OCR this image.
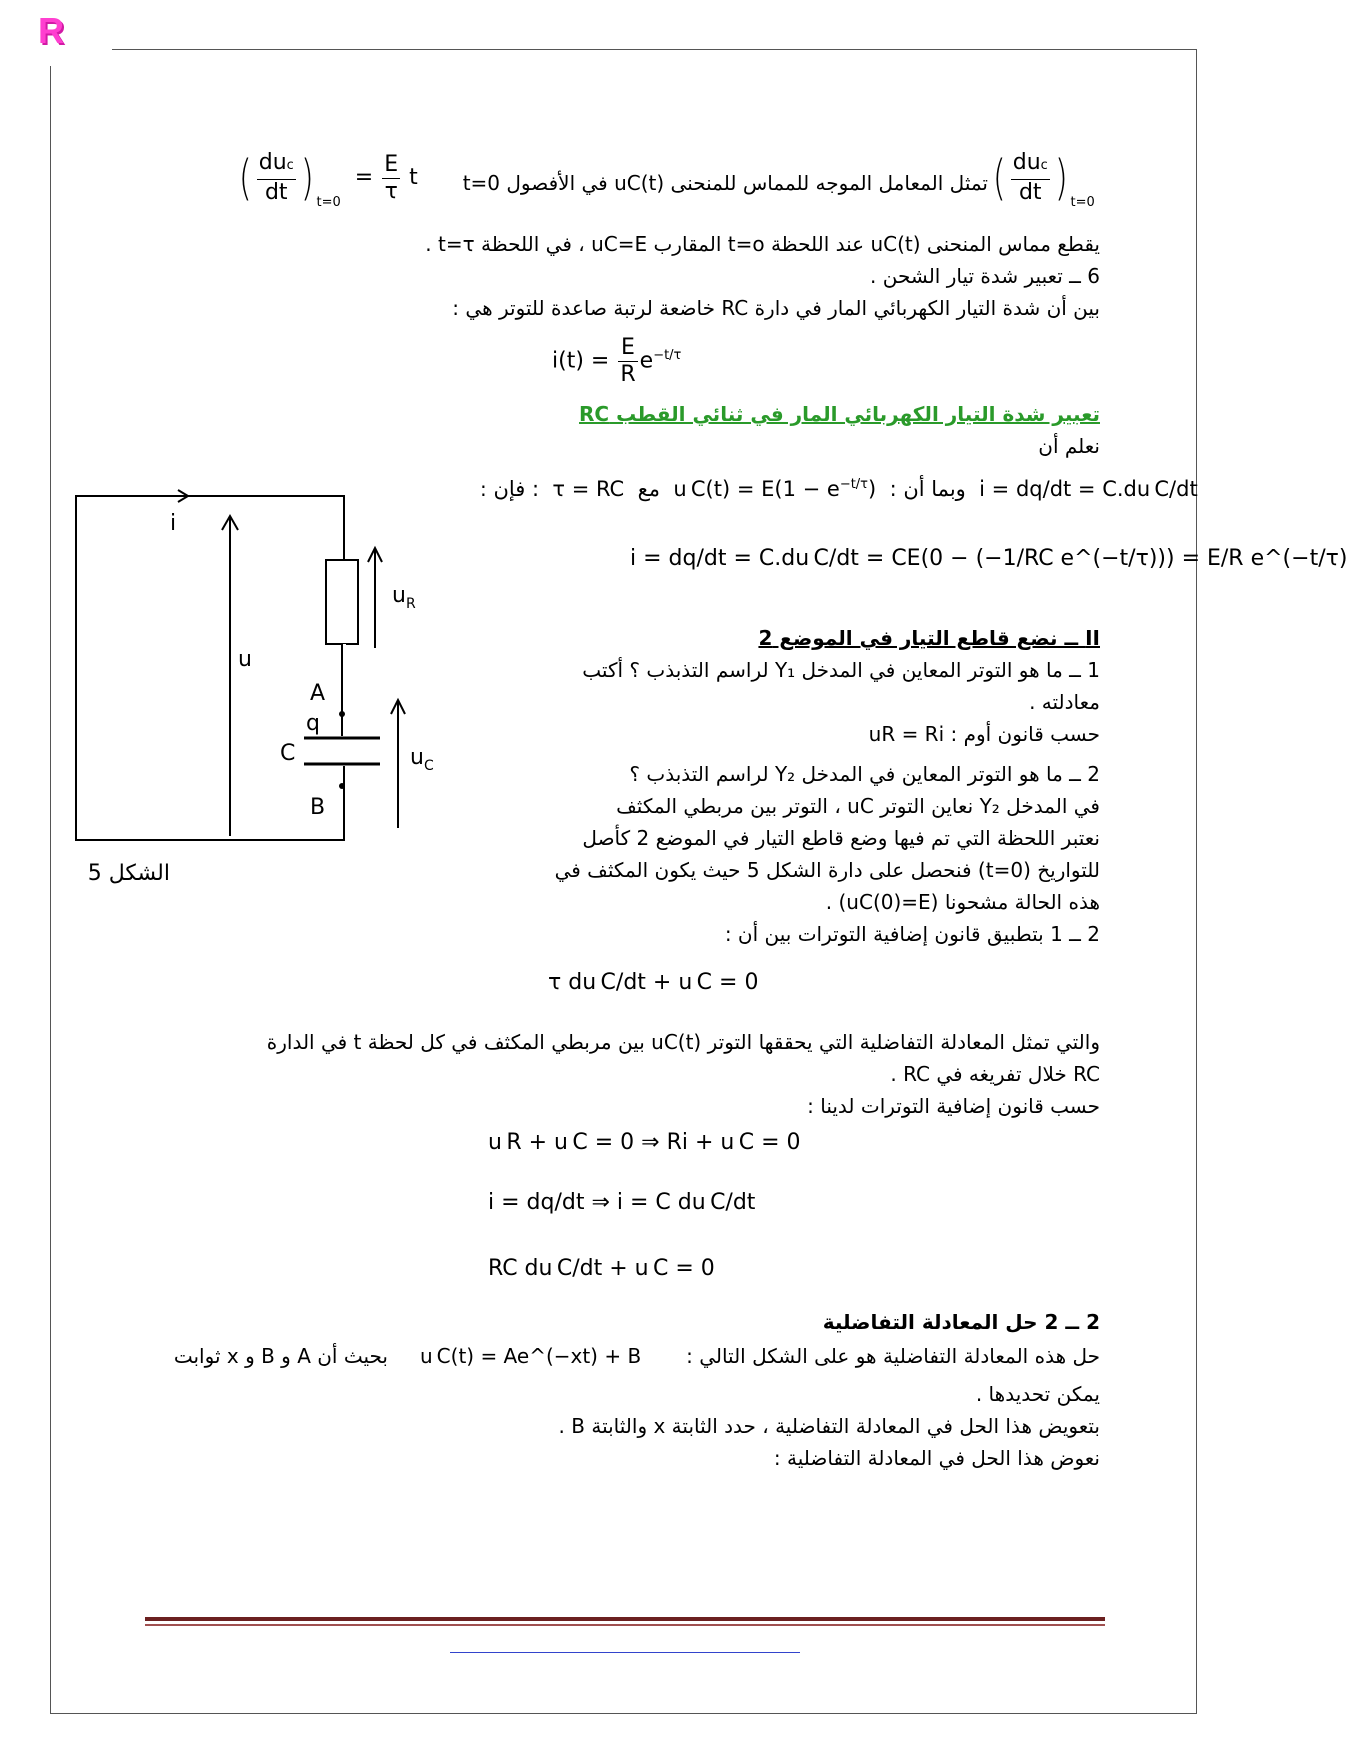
R
( $\frac{\text{duc}}{dt}$ ) $_{t=0} = \frac{E}{\tau}$ t تمثل المعامل الموجه للمماس للمنحنى u‎C(t) في الأفصول t=0 ( $\frac{\text{duc}}{dt}$ ) $_{t=0}$
يقطع مماس المنحنى u‎C(t) عند اللحظة t=o المقارب u‎C=E ، في اللحظة t=τ .
6 ــ تعبير شدة تيار الشحن .
بين أن شدة التيار الكهربائي المار في دارة RC خاضعة لرتبة صاعدة للتوتر هي :
$i(t) = \frac{E}{R} e^{-t/\tau}$
تعبير شدة التيار الكهربائي المار في ثنائي القطب RC
نعلم أن
: فإن : τ = RC مع u $C(t) = E(1 - e^{-t/\tau})$ : وبما أن i = dq/dt = C.du C/dt
i = dq/dt = C.du C/dt = CE(0 − (−1/RC e^(−t/τ))) = E/R e^(−t/τ)
i
u
$u_R$
A
q
C
B
$u_C$
الشكل 5
II ــ نضع قاطع التيار في الموضع 2
1 ــ ما هو التوتر المعاين في المدخل Y₁ لراسم التذبذب ؟ أكتب
معادلته .
حسب قانون أوم : u‎R = Ri
2 ــ ما هو التوتر المعاين في المدخل Y₂ لراسم التذبذب ؟
في المدخل Y₂ نعاين التوتر u‎C ، التوتر بين مربطي المكثف
نعتبر اللحظة التي تم فيها وضع قاطع التيار في الموضع 2 كأصل
للتواريخ (t=0) فنحصل على دارة الشكل 5 حيث يكون المكثف في
هذه الحالة مشحونا (u‎C(0)=E) .
2 ــ 1 بتطبيق قانون إضافية التوترات بين أن :
τ du C/dt + u C = 0
والتي تمثل المعادلة التفاضلية التي يحققها التوتر u‎C(t) بين مربطي المكثف في كل لحظة t في الدارة
RC خلال تفريغه في RC .
حسب قانون إضافية التوترات لدينا :
u R + u C = 0 ⇒ Ri + u C = 0
i = dq/dt ⇒ i = C du C/dt
RC du C/dt + u C = 0
2 ــ 2 حل المعادلة التفاضلية
حل هذه المعادلة التفاضلية هو على الشكل التالي :
u C(t) = Ae^(−xt) + B
بحيث أن A و B و x ثوابت
يمكن تحديدها .
بتعويض هذا الحل في المعادلة التفاضلية ، حدد الثابتة x والثابتة B .
نعوض هذا الحل في المعادلة التفاضلية :
